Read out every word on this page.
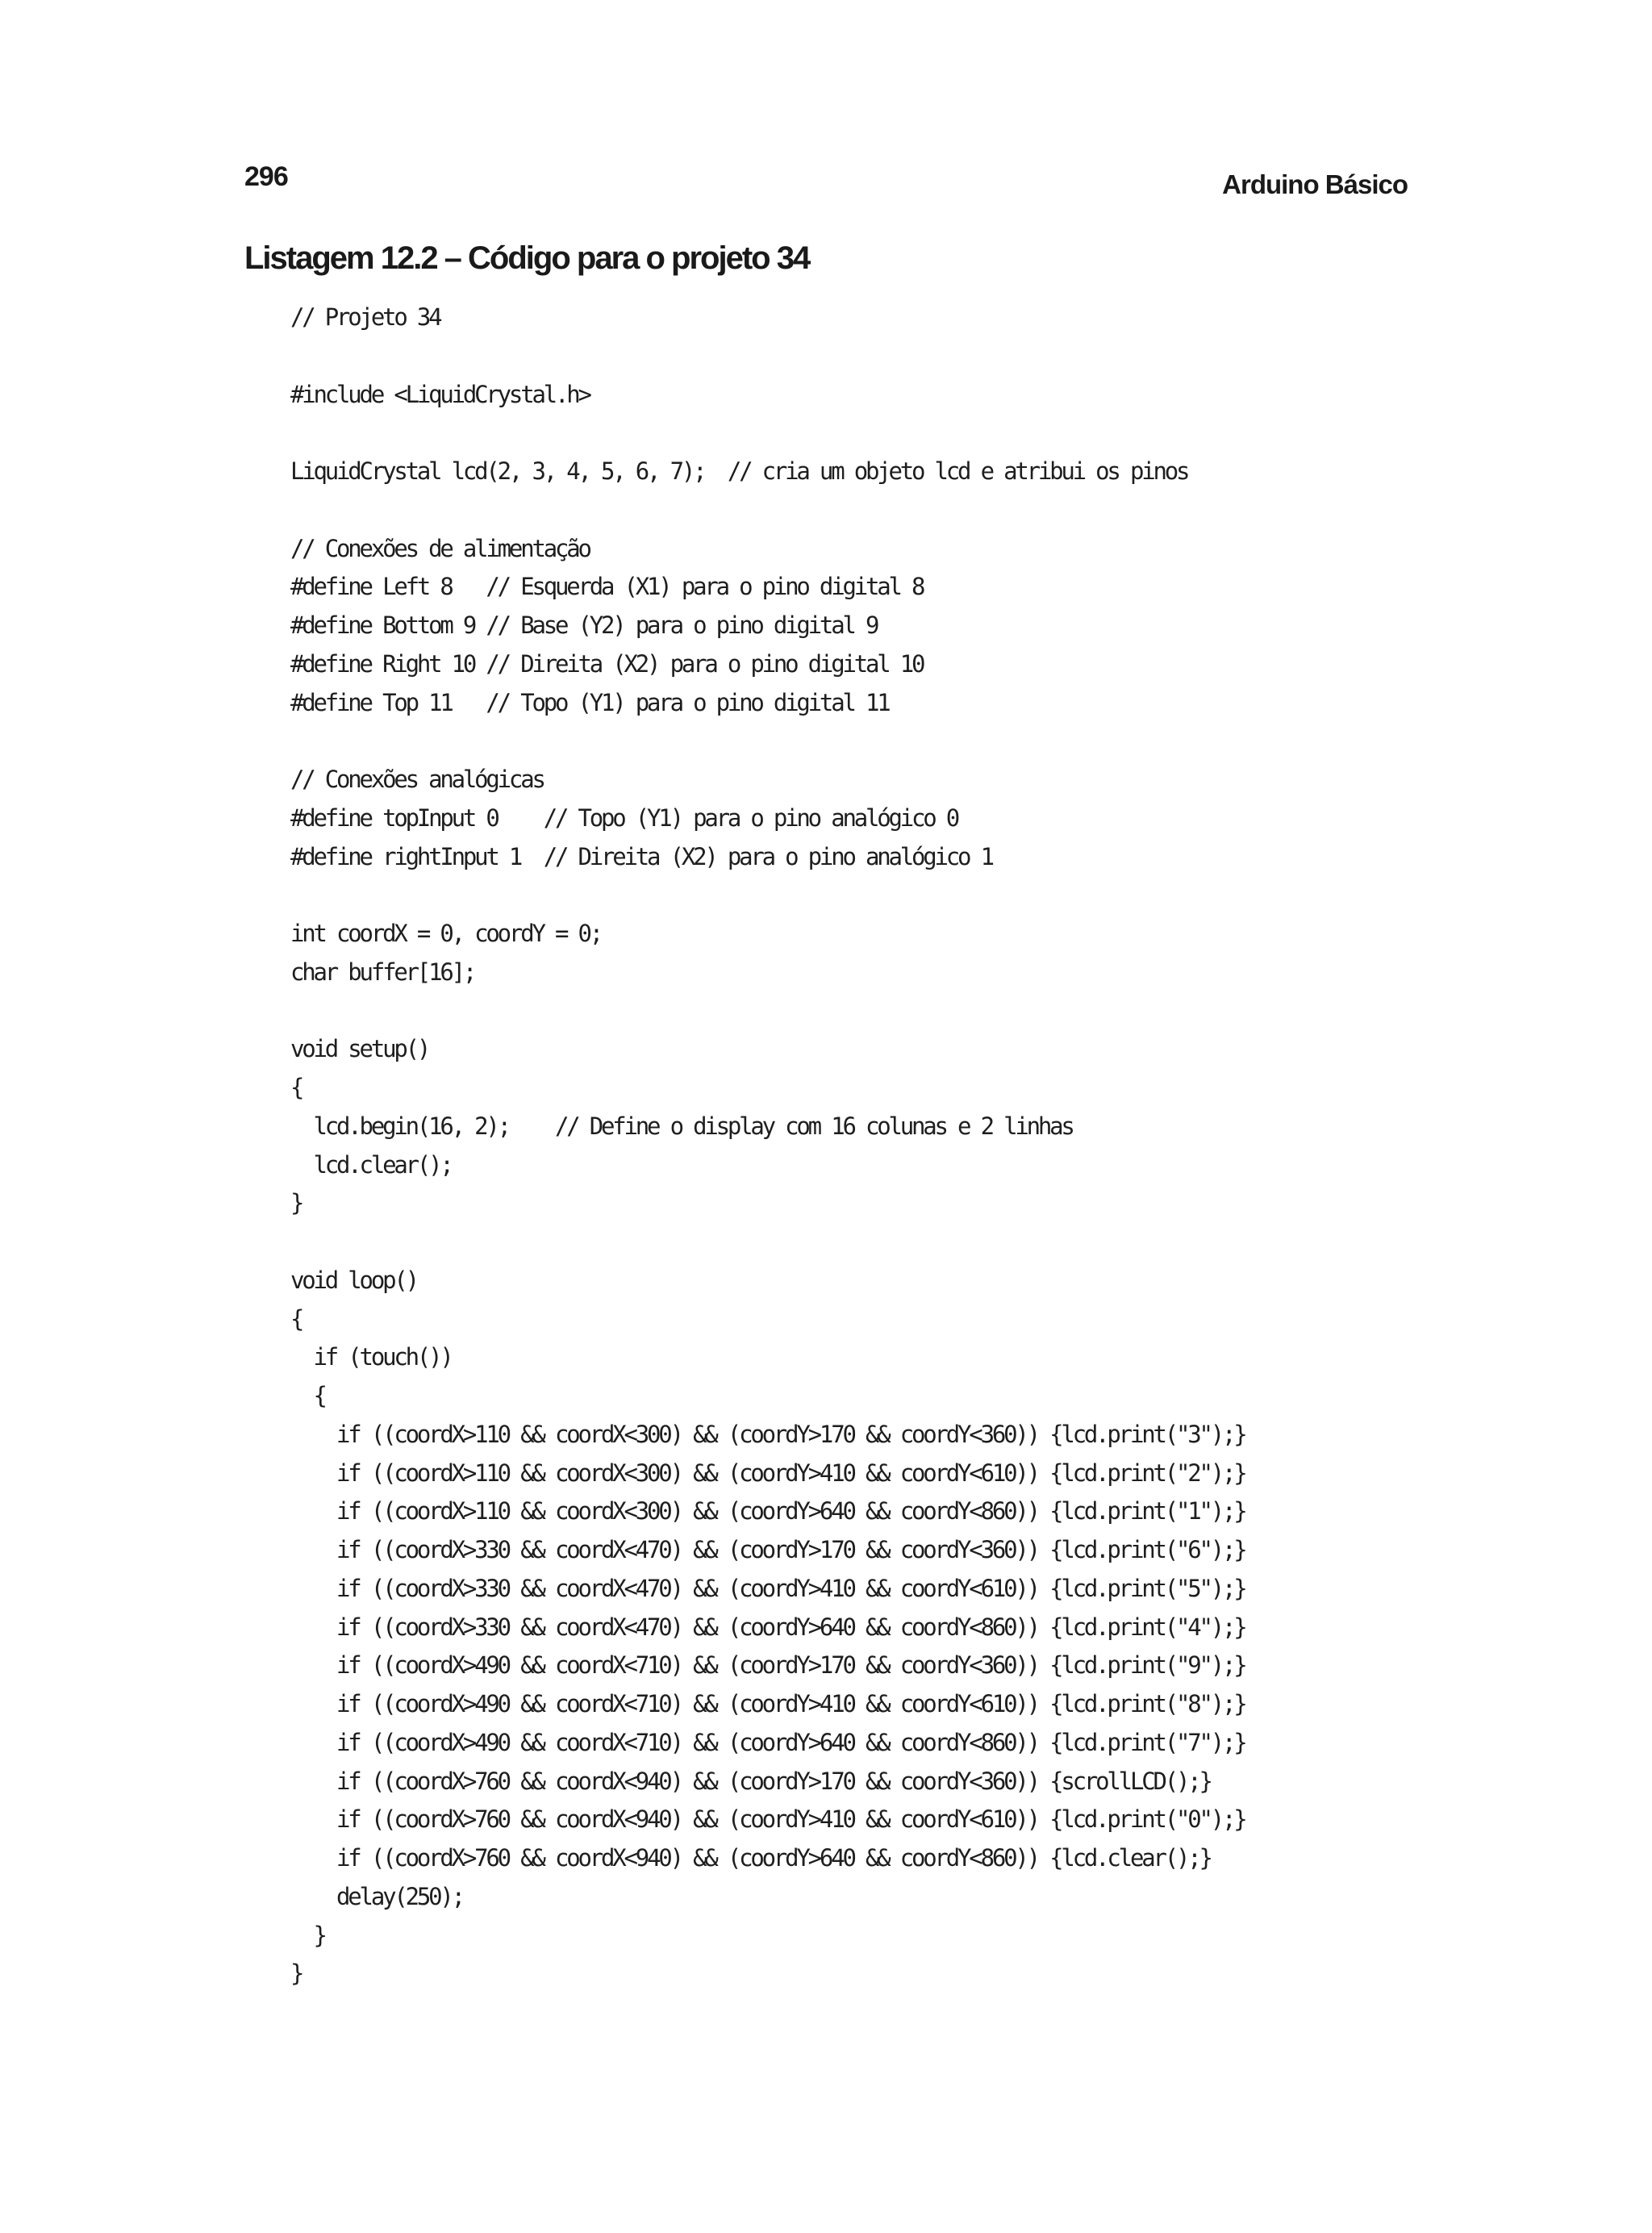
296	Arduino Básico
Listagem 12.2 – Código para o projeto 34
// Projeto 34
#include <LiquidCrystal.h>
LiquidCrystal lcd(2, 3, 4, 5, 6, 7);  // cria um objeto lcd e atribui os pinos
// Conexões de alimentação
#define Left 8   // Esquerda (X1) para o pino digital 8
#define Bottom 9 // Base (Y2) para o pino digital 9
#define Right 10 // Direita (X2) para o pino digital 10
#define Top 11   // Topo (Y1) para o pino digital 11
// Conexões analógicas
#define topInput 0    // Topo (Y1) para o pino analógico 0
#define rightInput 1  // Direita (X2) para o pino analógico 1
int coordX = 0, coordY = 0;
char buffer[16];
void setup()
{
lcd.begin(16, 2);    // Define o display com 16 colunas e 2 linhas
lcd.clear();
}
void loop()
{
if (touch())
{
if ((coordX>110 && coordX<300) && (coordY>170 && coordY<360)) {lcd.print("3");}
if ((coordX>110 && coordX<300) && (coordY>410 && coordY<610)) {lcd.print("2");}
if ((coordX>110 && coordX<300) && (coordY>640 && coordY<860)) {lcd.print("1");}
if ((coordX>330 && coordX<470) && (coordY>170 && coordY<360)) {lcd.print("6");}
if ((coordX>330 && coordX<470) && (coordY>410 && coordY<610)) {lcd.print("5");}
if ((coordX>330 && coordX<470) && (coordY>640 && coordY<860)) {lcd.print("4");}
if ((coordX>490 && coordX<710) && (coordY>170 && coordY<360)) {lcd.print("9");}
if ((coordX>490 && coordX<710) && (coordY>410 && coordY<610)) {lcd.print("8");}
if ((coordX>490 && coordX<710) && (coordY>640 && coordY<860)) {lcd.print("7");}
if ((coordX>760 && coordX<940) && (coordY>170 && coordY<360)) {scrollLCD();}
if ((coordX>760 && coordX<940) && (coordY>410 && coordY<610)) {lcd.print("0");}
if ((coordX>760 && coordX<940) && (coordY>640 && coordY<860)) {lcd.clear();}
delay(250);
}
}
